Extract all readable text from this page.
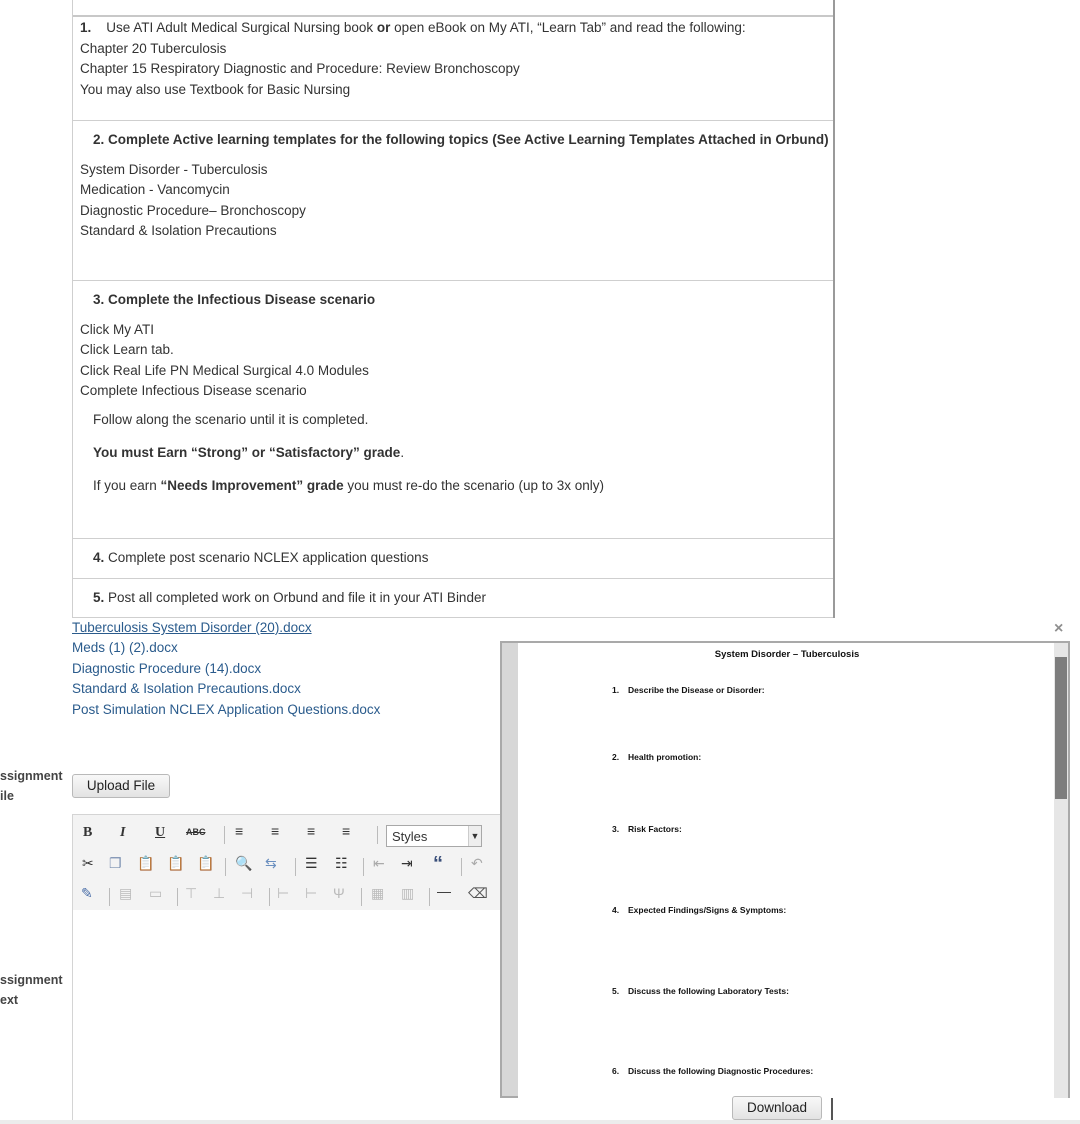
1. Use ATI Adult Medical Surgical Nursing book or open eBook on My ATI, “Learn Tab” and read the following:
Chapter 20 Tuberculosis
Chapter 15 Respiratory Diagnostic and Procedure: Review Bronchoscopy
You may also use Textbook for Basic Nursing
2. Complete Active learning templates for the following topics (See Active Learning Templates Attached in Orbund)
System Disorder - Tuberculosis
Medication - Vancomycin
Diagnostic Procedure– Bronchoscopy
Standard & Isolation Precautions
3. Complete the Infectious Disease scenario
Click My ATI
Click Learn tab.
Click Real Life PN Medical Surgical 4.0 Modules
Complete Infectious Disease scenario
Follow along the scenario until it is completed.
You must Earn “Strong” or “Satisfactory” grade.
If you earn “Needs Improvement” grade you must re-do the scenario (up to 3x only)
4. Complete post scenario NCLEX application questions
5. Post all completed work on Orbund and file it in your ATI Binder
Tuberculosis System Disorder (20).docx
Meds (1) (2).docx
Diagnostic Procedure (14).docx
Standard & Isolation Precautions.docx
Post Simulation NCLEX Application Questions.docx
ssignment
ile
Upload File
B I U ABC ≡ ≡ ≡ ≡	Styles	▼
✂ ❐ 📋 📋 📋 🔍 ⇆ ☰ ☷ ⇤ ⇥ “ ↶
✎ ▤ ▭ ⊤ ⊥ ⊣ ⊢ ⊢ Ψ ▦ ▥ — ⌫
ssignment
ext
×
System Disorder – Tuberculosis
1. Describe the Disease or Disorder:
2. Health promotion:
3. Risk Factors:
4. Expected Findings/Signs & Symptoms:
5. Discuss the following Laboratory Tests:
6. Discuss the following Diagnostic Procedures:
Download
